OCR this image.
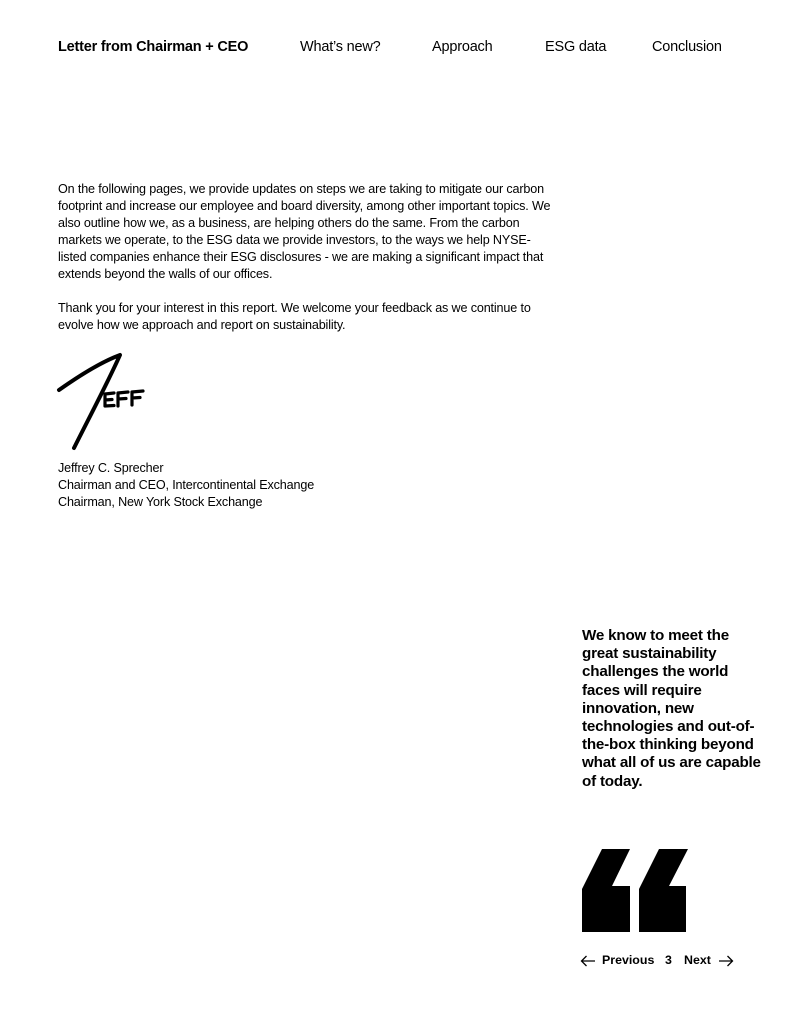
Letter from Chairman + CEO	What’s new?	Approach	ESG data	Conclusion

On the following pages, we provide updates on steps we are taking to mitigate our carbon footprint and increase our employee and board diversity, among other important topics. We also outline how we, as a business, are helping others do the same. From the carbon markets we operate, to the ESG data we provide investors, to the ways we help NYSE-listed companies enhance their ESG disclosures - we are making a significant impact that extends beyond the walls of our offices.

Thank you for your interest in this report. We welcome your feedback as we continue to evolve how we approach and report on sustainability.

Jeffrey C. Sprecher
Chairman and CEO, Intercontinental Exchange
Chairman, New York Stock Exchange
We know to meet the great sustainability challenges the world faces will require innovation, new technologies and out-of-the-box thinking beyond what all of us are capable of today.
Previous 3 Next
